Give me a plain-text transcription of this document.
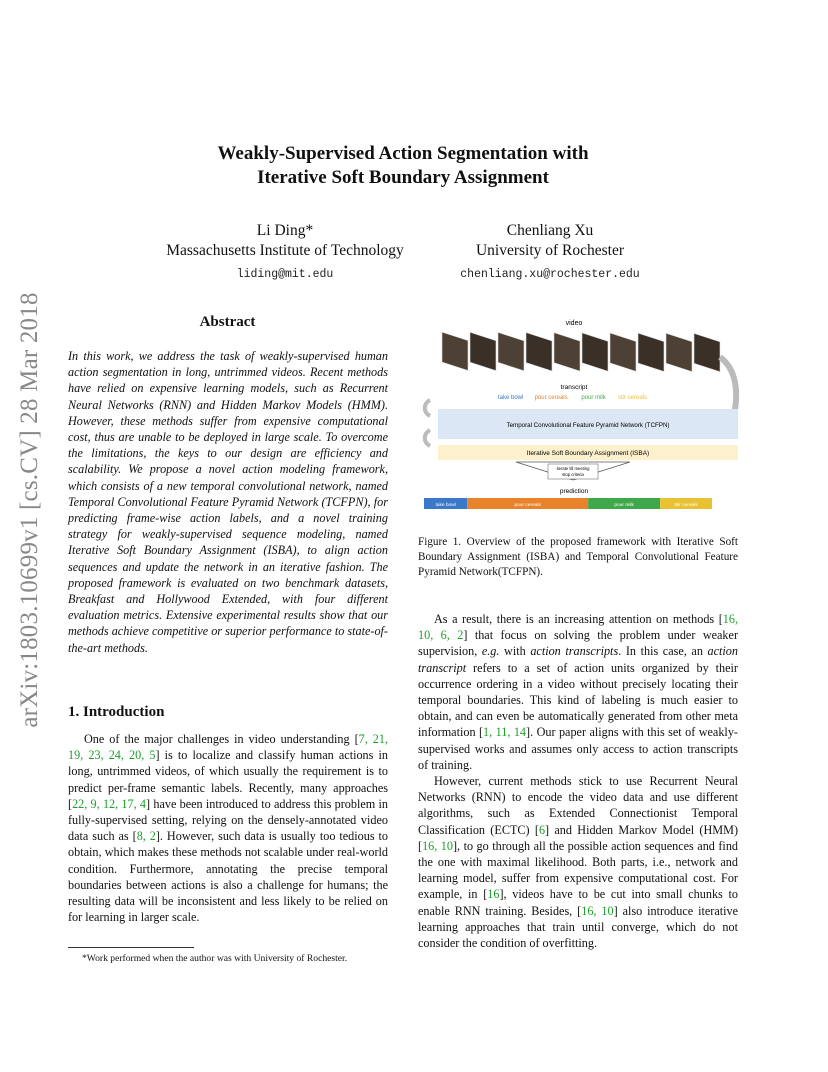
arXiv:1803.10699v1 [cs.CV] 28 Mar 2018
Weakly-Supervised Action Segmentation with
Iterative Soft Boundary Assignment
Li Ding*
Massachusetts Institute of Technology
liding@mit.edu
Chenliang Xu
University of Rochester
chenliang.xu@rochester.edu
Abstract

In this work, we address the task of weakly-supervised human action segmentation in long, untrimmed videos. Recent methods have relied on expensive learning models, such as Recurrent Neural Networks (RNN) and Hidden Markov Models (HMM). However, these methods suffer from expensive computational cost, thus are unable to be deployed in large scale. To overcome the limitations, the keys to our design are efficiency and scalability. We propose a novel action modeling framework, which consists of a new temporal convolutional network, named Temporal Convolutional Feature Pyramid Network (TCFPN), for predicting frame-wise action labels, and a novel training strategy for weakly-supervised sequence modeling, named Iterative Soft Boundary Assignment (ISBA), to align action sequences and update the network in an iterative fashion. The proposed framework is evaluated on two benchmark datasets, Breakfast and Hollywood Extended, with four different evaluation metrics. Extensive experimental results show that our methods achieve competitive or superior performance to state-of-the-art methods.

1. Introduction

One of the major challenges in video understanding [7, 21, 19, 23, 24, 20, 5] is to localize and classify human actions in long, untrimmed videos, of which usually the requirement is to predict per-frame semantic labels. Recently, many approaches [22, 9, 12, 17, 4] have been introduced to address this problem in fully-supervised setting, relying on the densely-annotated video data such as [8, 2]. However, such data is usually too tedious to obtain, which makes these methods not scalable under real-world condition. Furthermore, annotating the precise temporal boundaries between actions is also a challenge for humans; the resulting data will be inconsistent and less likely to be relied on for learning in larger scale.

*Work performed when the author was with University of Rochester.
video
transcript
take bowl pour cereals pour milk stir cereals
Temporal Convolutional Feature Pyramid Network (TCFPN)
Iterative Soft Boundary Assignment (ISBA)
iterate till meeting
stop criteria
prediction
take bowl	pour cereals	pour milk	stir cereals
Figure 1. Overview of the proposed framework with Iterative Soft Boundary Assignment (ISBA) and Temporal Convolutional Feature Pyramid Network(TCFPN).

As a result, there is an increasing attention on methods [16, 10, 6, 2] that focus on solving the problem under weaker supervision, e.g. with action transcripts. In this case, an action transcript refers to a set of action units organized by their occurrence ordering in a video without precisely locating their temporal boundaries. This kind of labeling is much easier to obtain, and can even be automatically generated from other meta information [1, 11, 14]. Our paper aligns with this set of weakly-supervised works and assumes only access to action transcripts of training.

However, current methods stick to use Recurrent Neural Networks (RNN) to encode the video data and use different algorithms, such as Extended Connectionist Temporal Classification (ECTC) [6] and Hidden Markov Model (HMM) [16, 10], to go through all the possible action sequences and find the one with maximal likelihood. Both parts, i.e., network and learning model, suffer from expensive computational cost. For example, in [16], videos have to be cut into small chunks to enable RNN training. Besides, [16, 10] also introduce iterative learning approaches that train until converge, which do not consider the condition of overfitting.
